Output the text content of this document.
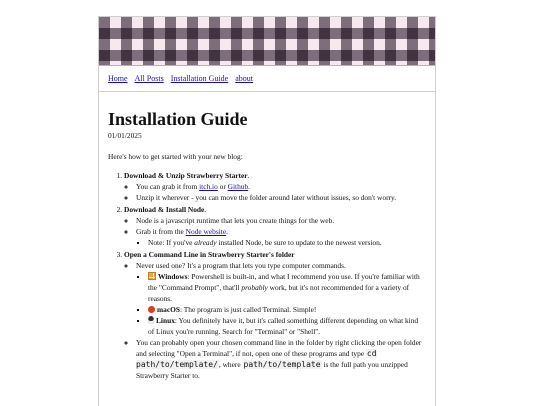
Home All Posts Installation Guide about
Installation Guide
01/01/2025

Here's how to get started with your new blog:

1. Download & Unzip Strawberry Starter.
◦ You can grab it from itch.io or Github.
◦ Unzip it wherever - you can move the folder around later without issues, so don't worry.
2. Download & Install Node.
◦ Node is a javascript runtime that lets you create things for the web.
◦ Grab it from the Node website.
▪ Note: If you've already installed Node, be sure to update to the newest version.
3. Open a Command Line in Strawberry Starter's folder
◦ Never used one? It's a program that lets you type computer commands.
▪ Windows: Powershell is built-in, and what I recommend you use. If you're familiar with the "Command Prompt", that'll probably work, but it's not recommended for a variety of reasons.
▪ macOS: The program is just called Terminal. Simple!
▪ Linux: You definitely have it, but it's called something different depending on what kind of Linux you're running. Search for "Terminal" or "Shell".
◦ You can probably open your chosen command line in the folder by right clicking the open folder and selecting "Open a Terminal", if not, open one of these programs and type cd path/to/template/, where path/to/template is the full path you unzipped Strawberry Starter to.
